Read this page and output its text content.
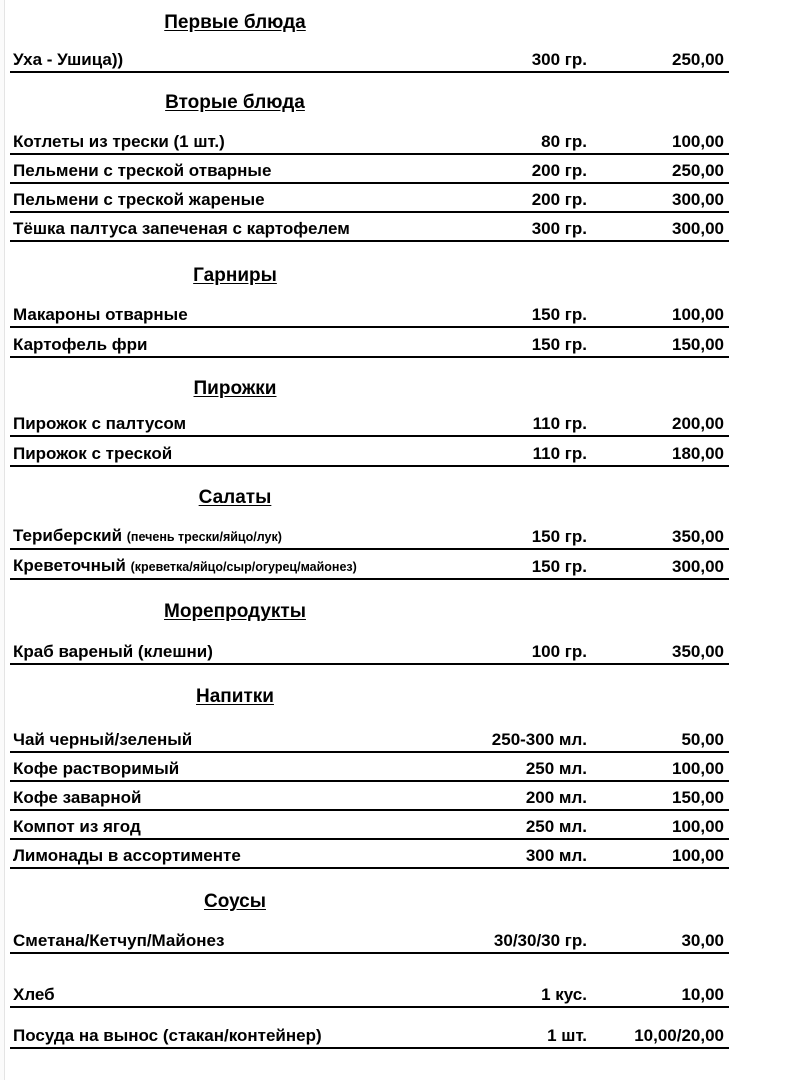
Первые блюда
Уха - Ушица))	300 гр.	250,00
Вторые блюда
Котлеты из трески (1 шт.)	80 гр.	100,00
Пельмени с треской отварные	200 гр.	250,00
Пельмени с треской жареные	200 гр.	300,00
Тёшка палтуса запеченая с картофелем	300 гр.	300,00
Гарниры
Макароны отварные	150 гр.	100,00
Картофель фри	150 гр.	150,00
Пирожки
Пирожок с палтусом	110 гр.	200,00
Пирожок с треской	110 гр.	180,00
Салаты
Териберский (печень трески/яйцо/лук)	150 гр.	350,00
Креветочный (креветка/яйцо/сыр/огурец/майонез)	150 гр.	300,00
Морепродукты
Краб вареный (клешни)	100 гр.	350,00
Напитки
Чай черный/зеленый	250-300 мл.	50,00
Кофе растворимый	250 мл.	100,00
Кофе заварной	200 мл.	150,00
Компот из ягод	250 мл.	100,00
Лимонады в ассортименте	300 мл.	100,00
Соусы
Сметана/Кетчуп/Майонез	30/30/30 гр.	30,00
Хлеб	1 кус.	10,00
Посуда на вынос (стакан/контейнер)	1 шт.	10,00/20,00
